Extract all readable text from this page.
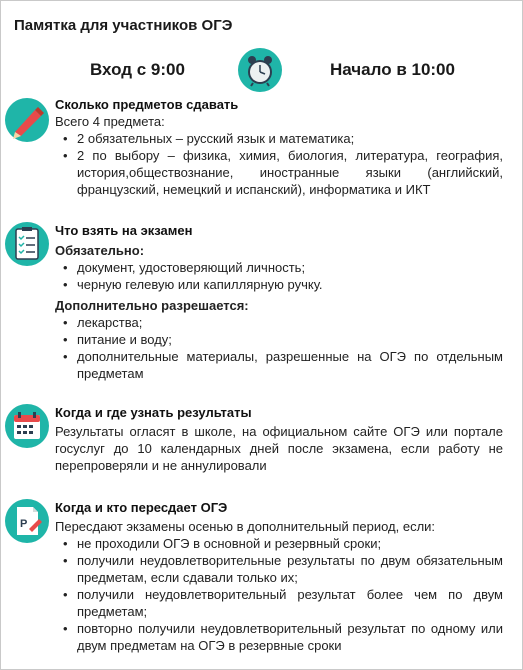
Памятка для участников ОГЭ
Вход с 9:00	Начало в 10:00
Сколько предметов сдавать
Всего 4 предмета:
• 2 обязательных – русский язык и математика;
• 2 по выбору – физика, химия, биология, литература, география, история,обществознание, иностранные языки (английский, французский, немецкий и испанский), информатика и ИКТ
Что взять на экзамен
Обязательно:
• документ, удостоверяющий личность;
• черную гелевую или капиллярную ручку.
Дополнительно разрешается:
• лекарства;
• питание и воду;
• дополнительные материалы, разрешенные на ОГЭ по отдельным предметам
Когда и где узнать результаты
Результаты огласят в школе, на официальном сайте ОГЭ или портале госуслуг до 10 календарных дней после экзамена, если работу не перепроверяли и не аннулировали
P
Когда и кто пересдает ОГЭ
Пересдают экзамены осенью в дополнительный период, если:
• не проходили ОГЭ в основной и резервный сроки;
• получили неудовлетворительные результаты по двум обязательным предметам, если сдавали только их;
• получили неудовлетворительный результат более чем по двум предметам;
• повторно получили неудовлетворительный результат по одному или двум предметам на ОГЭ в резервные сроки
